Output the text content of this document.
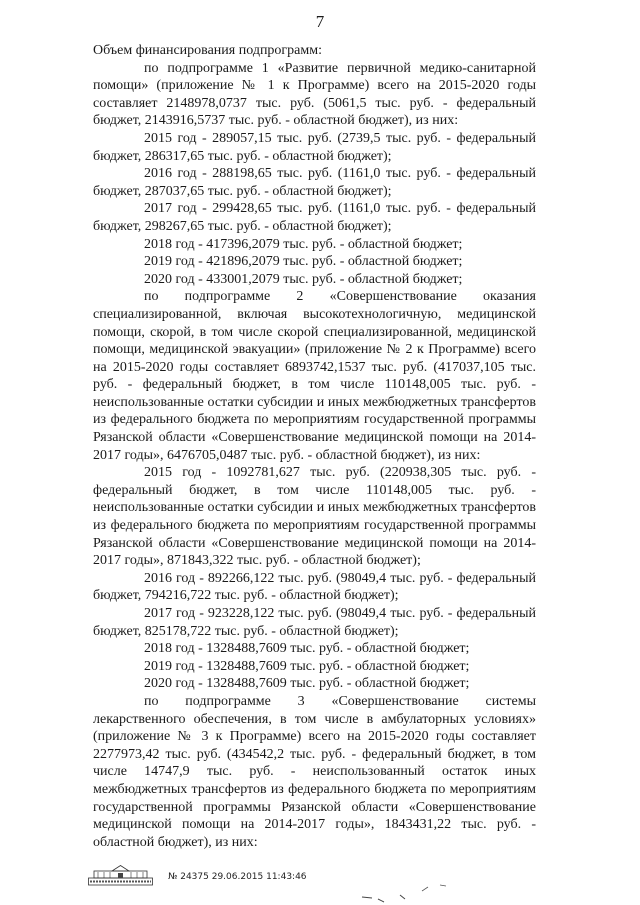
7

Объем финансирования подпрограмм:

по подпрограмме 1 «Развитие первичной медико-санитарной помощи» (приложение № 1 к Программе) всего на 2015-2020 годы составляет 2148978,0737 тыс. руб. (5061,5 тыс. руб. - федеральный бюджет, 2143916,5737 тыс. руб. - областной бюджет), из них:

2015 год - 289057,15 тыс. руб. (2739,5 тыс. руб. - федеральный бюджет, 286317,65 тыс. руб. - областной бюджет);

2016 год - 288198,65 тыс. руб. (1161,0 тыс. руб. - федеральный бюджет, 287037,65 тыс. руб. - областной бюджет);

2017 год - 299428,65 тыс. руб. (1161,0 тыс. руб. - федеральный бюджет, 298267,65 тыс. руб. - областной бюджет);

2018 год - 417396,2079 тыс. руб. - областной бюджет;

2019 год - 421896,2079 тыс. руб. - областной бюджет;

2020 год - 433001,2079 тыс. руб. - областной бюджет;

по подпрограмме 2 «Совершенствование оказания специализированной, включая высокотехнологичную, медицинской помощи, скорой, в том числе скорой специализированной, медицинской помощи, медицинской эвакуации» (приложение № 2 к Программе) всего на 2015-2020 годы составляет 6893742,1537 тыс. руб. (417037,105 тыс. руб. - федеральный бюджет, в том числе 110148,005 тыс. руб. - неиспользованные остатки субсидии и иных межбюджетных трансфертов из федерального бюджета по мероприятиям государственной программы Рязанской области «Совершенствование медицинской помощи на 2014-2017 годы», 6476705,0487 тыс. руб. - областной бюджет), из них:

2015 год - 1092781,627 тыс. руб. (220938,305 тыс. руб. - федеральный бюджет, в том числе 110148,005 тыс. руб. - неиспользованные остатки субсидии и иных межбюджетных трансфертов из федерального бюджета по мероприятиям государственной программы Рязанской области «Совершенствование медицинской помощи на 2014-2017 годы», 871843,322 тыс. руб. - областной бюджет);

2016 год - 892266,122 тыс. руб. (98049,4 тыс. руб. - федеральный бюджет, 794216,722 тыс. руб. - областной бюджет);

2017 год - 923228,122 тыс. руб. (98049,4 тыс. руб. - федеральный бюджет, 825178,722 тыс. руб. - областной бюджет);

2018 год - 1328488,7609 тыс. руб. - областной бюджет;

2019 год - 1328488,7609 тыс. руб. - областной бюджет;

2020 год - 1328488,7609 тыс. руб. - областной бюджет;

по подпрограмме 3 «Совершенствование системы лекарственного обеспечения, в том числе в амбулаторных условиях» (приложение № 3 к Программе) всего на 2015-2020 годы составляет 2277973,42 тыс. руб. (434542,2 тыс. руб. - федеральный бюджет, в том числе 14747,9 тыс. руб. - неиспользованный остаток иных межбюджетных трансфертов из федерального бюджета по мероприятиям государственной программы Рязанской области «Совершенствование медицинской помощи на 2014-2017 годы», 1843431,22 тыс. руб. - областной бюджет), из них:

№ 24375 29.06.2015 11:43:46
